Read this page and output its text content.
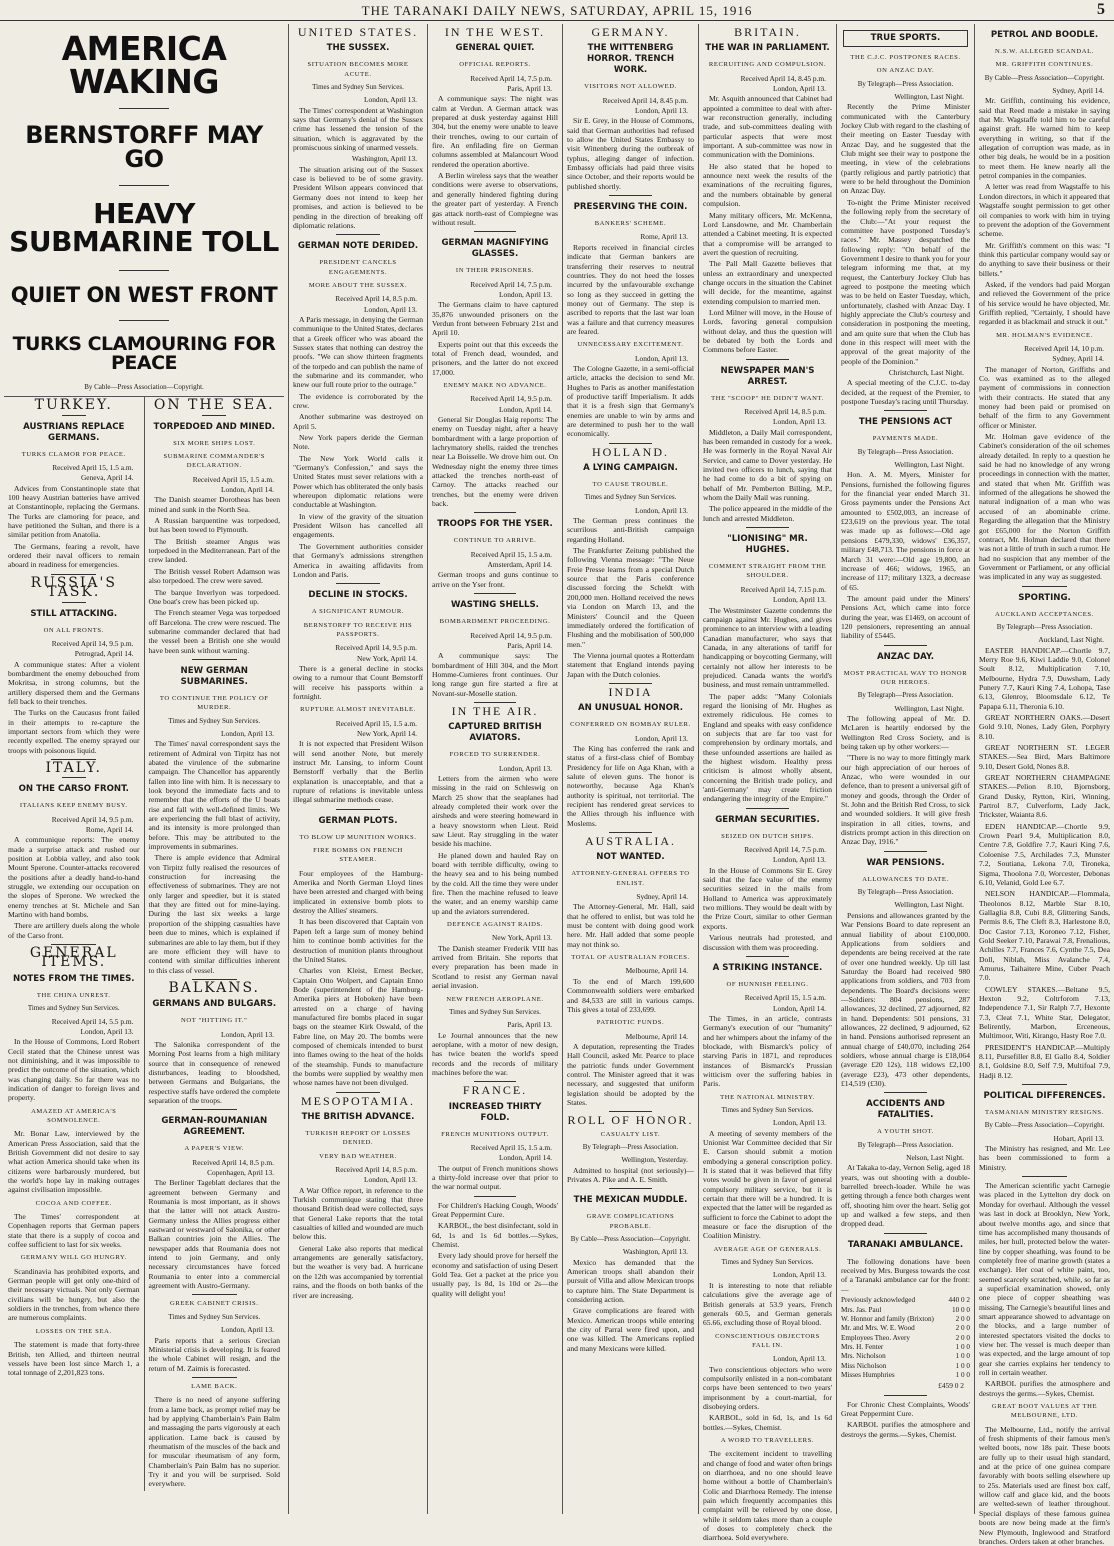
THE TARANAKI DAILY NEWS, SATURDAY, APRIL 15, 1916	5
AMERICA WAKING
BERNSTORFF MAY GO
HEAVY SUBMARINE TOLL
QUIET ON WEST FRONT
TURKS CLAMOURING FOR PEACE
By Cable—Press Association—Copyright.
TURKEY.
AUSTRIANS REPLACE GERMANS.
TURKS CLAMOR FOR PEACE.
Received April 15, 1.5 a.m.
Geneva, April 14.

Advices from Constantinople state that 100 heavy Austrian batteries have arrived at Constantinople, replacing the Germans. The Turks are clamoring for peace, and have petitioned the Sultan, and there is a similar petition from Anatolia.

The Germans, fearing a revolt, have ordered their naval officers to remain aboard in readiness for emergencies.

RUSSIA'S TASK.
STILL ATTACKING.
ON ALL FRONTS.
Received April 14, 9.5 p.m.
Petrograd, April 14.

A communique states: After a violent bombardment the enemy debouched from Mokritsa, in strong columns, but the artillery dispersed them and the Germans fell back to their trenches.

The Turks on the Caucasus front failed in their attempts to re-capture the important sectors from which they were recently expelled. The enemy sprayed our troops with poisonous liquid.

ITALY.
ON THE CARSO FRONT.
ITALIANS KEEP ENEMY BUSY.
Received April 14, 9.5 p.m.
Rome, April 14.

A communique reports: The enemy made a surprise attack and rushed our position at Lobbia valley, and also took Mount Sperone. Counter-attacks recovered the positions after a deadly hand-to-hand struggle, we extending our occupation on the slopes of Sperone. We wrecked the enemy trenches at St. Michele and San Martino with hand bombs.

There are artillery duels along the whole of the Carso front.

GENERAL ITEMS.
NOTES FROM THE TIMES.
THE CHINA UNREST.
Times and Sydney Sun Services.
Received April 14, 5.5 p.m.
London, April 13.

In the House of Commons, Lord Robert Cecil stated that the Chinese unrest was not diminishing, and it was impossible to predict the outcome of the situation, which was changing daily. So far there was no indication of danger to foreign lives and property.

AMAZED AT AMERICA'S SOMNOLENCE.

Mr. Bonar Law, interviewed by the American Press Association, said that the British Government did not desire to say what action America should take when its citizens were barbarously murdered, but the world's hope lay in making outrages against civilisation impossible.

COCOA AND COFFEE.

The Times' correspondent at Copenhagen reports that German papers state that there is a supply of cocoa and coffee sufficient to last for six weeks.

GERMANY WILL GO HUNGRY.

Scandinavia has prohibited exports, and German people will get only one-third of their necessary victuals. Not only German civilians will be hungry, but also the soldiers in the trenches, from whence there are numerous complaints.

LOSSES ON THE SEA.

The statement is made that forty-three British, ten Allied, and thirteen neutral vessels have been lost since March 1, a total tonnage of 2,201,823 tons.

ON THE SEA.
TORPEDOED AND MINED.
SIX MORE SHIPS LOST.
SUBMARINE COMMANDER'S DECLARATION.
Received April 15, 1.5 a.m.
London, April 14.

The Danish steamer Dorotheas has been mined and sunk in the North Sea.

A Russian barquentine was torpedoed, but has been towed to Plymouth.

The British steamer Angus was torpedoed in the Mediterranean. Part of the crew landed.

The British vessel Robert Adamson was also torpedoed. The crew were saved.

The barque Inverlyon was torpedoed. One boat's crew has been picked up.

The French steamer Vega was torpedoed off Barcelona. The crew were rescued. The submarine commander declared that had the vessel been a British one she would have been sunk without warning.

NEW GERMAN SUBMARINES.
TO CONTINUE THE POLICY OF MURDER.
Times and Sydney Sun Services.
London, April 13.

The Times' naval correspondent says the retirement of Admiral von Tirpitz has not abated the virulence of the submarine campaign. The Chancellor has apparently fallen into line with him. It is necessary to look beyond the immediate facts and to remember that the efforts of the U boats rise and fall with well-defined limits. We are experiencing the full blast of activity, and its intensity is more prolonged than before. This may be attributed to the improvements in submarines.

There is ample evidence that Admiral von Tirpitz fully realised the resources of construction for increasing the effectiveness of submarines. They are not only larger and speedier, but it is stated that they are fitted out for mine-laying. During the last six weeks a large proportion of the shipping casualties have been due to mines, which is explained if submarines are able to lay them, but if they are more efficient they will have to contend with similar difficulties inherent to this class of vessel.

BALKANS.
GERMANS AND BULGARS.
NOT "HITTING IT."
London, April 13.

The Salonika correspondent of the Morning Post learns from a high military source that in consequence of renewed disturbances, leading to bloodshed, between Germans and Bulgarians, the respective staffs have ordered the complete separation of the troops.

GERMAN-ROUMANIAN AGREEMENT.
A PAPER'S VIEW.
Received April 14, 8.5 p.m.
Copenhagen, April 13.

The Berliner Tageblatt declares that the agreement between Germany and Roumania is most important, as it shows that the latter will not attack Austro-Germany unless the Allies progress either eastward or westward of Salonika, or other Balkan countries join the Allies. The newspaper adds that Roumania does not intend to join Germany, and only necessary circumstances have forced Roumania to enter into a commercial agreement with Austro-Germany.

GREEK CABINET CRISIS.
Times and Sydney Sun Services.
London, April 13.

Paris reports that a serious Grecian Ministerial crisis is developing. It is feared the whole Cabinet will resign, and the return of M. Zaimis is forecasted.

LAME BACK.

There is no need of anyone suffering from a lame back, as prompt relief may be had by applying Chamberlain's Pain Balm and massaging the parts vigorously at each application. Lame back is caused by rheumatism of the muscles of the back and for muscular rheumatism of any form, Chamberlain's Pain Balm has no superior. Try it and you will be surprised. Sold everywhere.

UNITED STATES.
THE SUSSEX.
SITUATION BECOMES MORE ACUTE.
Times and Sydney Sun Services.
London, April 13.

The Times' correspondent at Washington says that Germany's denial of the Sussex crime has lessened the tension of the situation, which is aggravated by the promiscuous sinking of unarmed vessels.

Washington, April 13.

The situation arising out of the Sussex case is believed to be of some gravity. President Wilson appears convinced that Germany does not intend to keep her promises, and action is believed to be pending in the direction of breaking off diplomatic relations.

GERMAN NOTE DERIDED.
PRESIDENT CANCELS ENGAGEMENTS.
MORE ABOUT THE SUSSEX.
Received April 14, 8.5 p.m.
London, April 13.

A Paris message, in denying the German communique to the United States, declares that a Greek officer who was aboard the Sussex states that nothing can destroy the proofs. "We can show thirteen fragments of the torpedo and can publish the name of the submarine and its commander, who knew our full route prior to the outrage."

The evidence is corroborated by the crew.

Another submarine was destroyed on April 5.

New York papers deride the German Note.

The New York World calls it "Germany's Confession," and says the United States must sever relations with a Power which has obliterated the only basis whereupon diplomatic relations were conductable at Washington.

In view of the gravity of the situation President Wilson has cancelled all engagements.

The Government authorities consider that Germany's admissions strengthen America in awaiting affidavits from London and Paris.

DECLINE IN STOCKS.
A SIGNIFICANT RUMOUR.
BERNSTORFF TO RECEIVE HIS PASSPORTS.
Received April 14, 9.5 p.m.
New York, April 14.

There is a general decline in stocks owing to a rumour that Count Bernstorff will receive his passports within a fortnight.

RUPTURE ALMOST INEVITABLE.
Received April 15, 1.5 a.m.
New York, April 14.

It is not expected that President Wilson will send another Note, but merely instruct Mr. Lansing, to inform Count Bernstorff verbally that the Berlin explanation is unacceptable, and that a rupture of relations is inevitable unless illegal submarine methods cease.

GERMAN PLOTS.
TO BLOW UP MUNITION WORKS.
FIRE BOMBS ON FRENCH STEAMER.

Four employees of the Hamburg-Amerika and North German Lloyd lines have been arrested and charged with being implicated in extensive bomb plots to destroy the Allies' steamers.

It has been discovered that Captain von Papen left a large sum of money behind him to continue bomb activities for the destruction of munition plants throughout the United States.

Charles von Kleist, Ernest Becker, Captain Otto Wolpert, and Captain Enno Bode (superintendent of the Hamburg-Amerika piers at Hoboken) have been arrested on a charge of having manufactured fire bombs placed in sugar bags on the steamer Kirk Oswald, of the Fabre line, on May 20. The bombs were composed of chemicals intended to burst into flames owing to the heat of the holds of the steamship. Funds to manufacture the bombs were supplied by wealthy men whose names have not been divulged.

MESOPOTAMIA.
THE BRITISH ADVANCE.
TURKISH REPORT OF LOSSES DENIED.
VERY BAD WEATHER.
Received April 14, 8.5 p.m.
London, April 13.

A War Office report, in reference to the Turkish communique stating that three thousand British dead were collected, says that General Lake reports that the total casualties of killed and wounded are much below this.

General Lake also reports that medical arrangements are generally satisfactory, but the weather is very bad. A hurricane on the 12th was accompanied by torrential rains, and the floods on both banks of the river are increasing.

IN THE WEST.
GENERAL QUIET.
OFFICIAL REPORTS.
Received April 14, 7.5 p.m.
Paris, April 13.

A communique says: The night was calm at Verdun. A German attack was prepared at dusk yesterday against Hill 304, but the enemy were unable to leave their trenches, owing to our curtain of fire. An enfilading fire on German columns assembled at Malancourt Wood rendered the operation abortive.

A Berlin wireless says that the weather conditions were averse to observations, and generally hindered fighting during the greater part of yesterday. A French gas attack north-east of Compiegne was without result.

GERMAN MAGNIFYING GLASSES.
IN THEIR PRISONERS.
Received April 14, 7.5 p.m.
London, April 13.

The Germans claim to have captured 35,876 unwounded prisoners on the Verdun front between February 21st and April 10.

Experts point out that this exceeds the total of French dead, wounded, and prisoners, and the latter do not exceed 17,000.

ENEMY MAKE NO ADVANCE.
Received April 14, 9.5 p.m.
London, April 14.

General Sir Douglas Haig reports: The enemy on Tuesday night, after a heavy bombardment with a large proportion of lachrymatory shells, raided the trenches near La Boisselle. We drove him out. On Wednesday night the enemy three times attacked the trenches north-east of Carnoy. The attacks reached our trenches, but the enemy were driven back.

TROOPS FOR THE YSER.
CONTINUE TO ARRIVE.
Received April 15, 1.5 a.m.
Amsterdam, April 14.

German troops and guns continue to arrive on the Yser front.

WASTING SHELLS.
BOMBARDMENT PROCEEDING.
Received April 14, 9.5 p.m.
Paris, April 14.

A communique says: The bombardment of Hill 304, and the Mort Homme-Cumieres front continues. Our long range gun fire started a fire at Novant-sur-Moselle station.

IN THE AIR.
CAPTURED BRITISH AVIATORS.
FORCED TO SURRENDER.
London, April 13.

Letters from the airmen who were missing in the raid on Schleswig on March 25 show that the seaplanes had already completed their work over the airsheds and were steering homeward in a heavy snowstorm when Lieut. Reid saw Lieut. Ray struggling in the water beside his machine.

He planed down and hauled Ray on board with terrible difficulty, owing to the heavy sea and to his being numbed by the cold. All the time they were under fire. Then the machine refused to leave the water, and an enemy warship came up and the aviators surrendered.

DEFENCE AGAINST RAIDS.
New York, April 13.

The Danish steamer Frederik VIII has arrived from Britain. She reports that every preparation has been made in Scotland to resist any German naval aerial invasion.

NEW FRENCH AEROPLANE.
Times and Sydney Sun Services.
Paris, April 13.

Le Journal announces that the new aeroplane, with a motor of new design, has twice beaten the world's speed records and the records of military machines before the war.

FRANCE.
INCREASED THIRTY FOLD.
FRENCH MUNITIONS OUTPUT.
Received April 15, 1.5 a.m.
London, April 14.

The output of French munitions shows a thirty-fold increase over that prior to the war normal output.

For Children's Hacking Cough, Woods' Great Peppermint Cure.

KARBOL, the best disinfectant, sold in 6d, 1s and 1s 6d bottles.—Sykes, Chemist.

Every lady should prove for herself the economy and satisfaction of using Desert Gold Tea. Get a packet at the price you usually pay, 1s 8d, 1s 10d or 2s—the quality will delight you!

GERMANY.
THE WITTENBERG HORROR. TRENCH WORK.
VISITORS NOT ALLOWED.
Received April 14, 8.45 p.m.
London, April 13.

Sir E. Grey, in the House of Commons, said that German authorities had refused to allow the United States Embassy to visit Wittenberg during the outbreak of typhus, alleging danger of infection. Embassy officials had paid three visits since October, and their reports would be published shortly.

PRESERVING THE COIN.
BANKERS' SCHEME.
Rome, April 13.

Reports received in financial circles indicate that German bankers are transferring their reserves to neutral countries. They do not heed the losses incurred by the unfavourable exchange so long as they succeed in getting the money out of Germany. The step is ascribed to reports that the last war loan was a failure and that currency measures are feared.

UNNECESSARY EXCITEMENT.
London, April 13.

The Cologne Gazette, in a semi-official article, attacks the decision to send Mr. Hughes to Paris as another manifestation of productive tariff Imperialism. It adds that it is a fresh sign that Germany's enemies are unable to win by arms and are determined to push her to the wall economically.

HOLLAND.
A LYING CAMPAIGN.
TO CAUSE TROUBLE.
Times and Sydney Sun Services.
London, April 13.

The German press continues the scurrilous anti-British campaign regarding Holland.

The Frankfurter Zeitung published the following Vienna message: "The Neue Freie Presse learns from a special Dutch source that the Paris conference discussed forcing the Scheldt with 200,000 men. Holland received the news via London on March 13, and the Ministers' Council and the Queen immediately ordered the fortification of Flushing and the mobilisation of 500,000 men."

The Vienna journal quotes a Rotterdam statement that England intends paying Japan with the Dutch colonies.

INDIA
AN UNUSUAL HONOR.
CONFERRED ON BOMBAY RULER.
London, April 13.

The King has conferred the rank and status of a first-class chief of Bombay Presidency for life on Aga Khan, with a salute of eleven guns. The honor is noteworthy, because Aga Khan's authority is spiritual, not territorial. The recipient has rendered great services to the Allies through his influence with Moslems.

AUSTRALIA.
NOT WANTED.
ATTORNEY-GENERAL OFFERS TO ENLIST.
Sydney, April 14.

The Attorney-General, Mr. Hall, said that he offered to enlist, but was told he must be content with doing good work here. Mr. Hall added that some people may not think so.

TOTAL OF AUSTRALIAN FORCES.
Melbourne, April 14.

To the end of March 199,600 Commonwealth soldiers were embarked and 84,533 are still in various camps. This gives a total of 233,699.

PATRIOTIC FUNDS.
Melbourne, April 14.

A deputation, representing the Trades Hall Council, asked Mr. Pearce to place the patriotic funds under Government control. The Minister agreed that it was necessary, and suggested that uniform legislation should be adopted by the States.

ROLL OF HONOR.
CASUALTY LIST.
By Telegraph—Press Association.
Wellington, Yesterday.

Admitted to hospital (not seriously)—Privates A. Pike and A. E. Smith.

THE MEXICAN MUDDLE.
GRAVE COMPLICATIONS PROBABLE.
By Cable—Press Association—Copyright.
Washington, April 13.

Mexico has demanded that the American troops shall abandon their pursuit of Villa and allow Mexican troops to capture him. The State Department is considering action.

Grave complications are feared with Mexico. American troops while entering the city of Parral were fired upon, and one was killed. The Americans replied and many Mexicans were killed.

BRITAIN.
THE WAR IN PARLIAMENT.
RECRUITING AND COMPULSION.
Received April 14, 8.45 p.m.
London, April 13.

Mr. Asquith announced that Cabinet had appointed a committee to deal with after-war reconstruction generally, including trade, and sub-committees dealing with particular aspects that were most important. A sub-committee was now in communication with the Dominions.

He also stated that he hoped to announce next week the results of the examinations of the recruiting figures, and the numbers obtainable by general compulsion.

Many military officers, Mr. McKenna, Lord Lansdowne, and Mr. Chamberlain attended a Cabinet meeting. It is expected that a compromise will be arranged to avert the question of recruiting.

The Pall Mall Gazette believes that unless an extraordinary and unexpected change occurs in the situation the Cabinet will decide, for the meantime, against extending compulsion to married men.

Lord Milner will move, in the House of Lords, favoring general compulsion without delay, and thus the question will be debated by both the Lords and Commons before Easter.

NEWSPAPER MAN'S ARREST.
THE "SCOOP" HE DIDN'T WANT.
Received April 14, 8.5 p.m.
London, April 13.

Middleton, a Daily Mail correspondent, has been remanded in custody for a week. He was formerly in the Royal Naval Air Service, and came to Dover yesterday. He invited two officers to lunch, saying that he had come to do a bit of spying on behalf of Mr. Pemberton Billing, M.P., whom the Daily Mail was running.

The police appeared in the middle of the lunch and arrested Middleton.

"LIONISING" MR. HUGHES.
COMMENT STRAIGHT FROM THE SHOULDER.
Received April 14, 7.15 p.m.
London, April 13.

The Westminster Gazette condemns the campaign against Mr. Hughes, and gives prominence to an interview with a leading Canadian manufacturer, who says that Canada, in any alterations of tariff for handicapping or boycotting Germany, will certainly not allow her interests to be prejudiced. Canada wants the world's business, and must remain untrammelled.

The paper adds: "Many Colonials regard the lionising of Mr. Hughes as extremely ridiculous. He comes to England and speaks with easy confidence on subjects that are far too vast for comprehension by ordinary mortals, and these unfounded assertions are hailed as the highest wisdom. Healthy press criticism is almost wholly absent, concerning the British trade policy, and 'anti-Germany' may create friction endangering the integrity of the Empire."

GERMAN SECURITIES.
SEIZED ON DUTCH SHIPS.
Received April 14, 7.5 p.m.
London, April 13.

In the House of Commons Sir E. Grey said that the face value of the enemy securities seized in the mails from Holland to America was approximately two millions. They would be dealt with by the Prize Court, similar to other German exports.

Various neutrals had protested, and discussion with them was proceeding.

A STRIKING INSTANCE.
OF HUNNISH FEELING.
Received April 15, 1.5 a.m.
London, April 14.

The Times, in an article, contrasts Germany's execution of our "humanity" and her whimpers about the infamy of the blockade, with Bismarck's policy of starving Paris in 1871, and reproduces instances of Bismarck's Prussian witticism over the suffering babies in Paris.

THE NATIONAL MINISTRY.
Times and Sydney Sun Services.
London, April 13.

A meeting of seventy members of the Unionist War Committee decided that Sir E. Carson should submit a motion embodying a general conscription policy. It is stated that it was believed that fifty votes would be given in favor of general compulsory military service, but it is certain that there will be a hundred. It is expected that the latter will be regarded as sufficient to force the Cabinet to adopt the measure or face the disruption of the Coalition Ministry.

AVERAGE AGE OF GENERALS.
Times and Sydney Sun Services.
London, April 13.

It is interesting to note that reliable calculations give the average age of British generals at 53.9 years, French generals 60.5, and German generals 65.66, excluding those of Royal blood.

CONSCIENTIOUS OBJECTORS FALL IN.
London, April 13.

Two conscientious objectors who were compulsorily enlisted in a non-combatant corps have been sentenced to two years' imprisonment by a court-martial, for disobeying orders.

KARBOL, sold in 6d, 1s, and 1s 6d bottles.—Sykes, Chemist.

A WORD TO TRAVELLERS.

The excitement incident to travelling and change of food and water often brings on diarrhoea, and no one should leave home without a bottle of Chamberlain's Colic and Diarrhoea Remedy. The intense pain which frequently accompanies this complaint will be relieved by one dose, while it seldom takes more than a couple of doses to completely check the diarrhoea. Sold everywhere.

TRUE SPORTS.
THE C.J.C. POSTPONES RACES.
ON ANZAC DAY.
By Telegraph—Press Association.
Wellington, Last Night.

Recently the Prime Minister communicated with the Canterbury Jockey Club with regard to the clashing of their meeting on Easter Tuesday with Anzac Day, and he suggested that the Club might see their way to postpone the meeting, in view of the celebrations (partly religious and partly patriotic) that were to be held throughout the Dominion on Anzac Day.

To-night the Prime Minister received the following reply from the secretary of the Club:—"At your request the committee have postponed Tuesday's races." Mr. Massey despatched the following reply: "On behalf of the Government I desire to thank you for your telegram informing me that, at my request, the Canterbury Jockey Club has agreed to postpone the meeting which was to be held on Easter Tuesday, which, unfortunately, clashed with Anzac Day. I highly appreciate the Club's courtesy and consideration in postponing the meeting, and am quite sure that when the Club has done in this respect will meet with the approval of the great majority of the people of the Dominion."

Christchurch, Last Night.

A special meeting of the C.J.C. to-day decided, at the request of the Premier, to postpone Tuesday's racing until Thursday.

THE PENSIONS ACT
PAYMENTS MADE.
By Telegraph—Press Association.
Wellington, Last Night.

Hon. A. M. Myers, Minister for Pensions, furnished the following figures for the financial year ended March 31. Gross payments under the Pensions Act amounted to £502,003, an increase of £23,619 on the previous year. The total was made up as follows:—Old age pensions £479,330, widows' £36,357, military £48,713. The pensions in force at March 31 were:—Old age 19,800, an increase of 466; widows, 1965, an increase of 117; military 1323, a decrease of 65.

The amount paid under the Miners' Pensions Act, which came into force during the year, was £1469, on account of 120 pensioners, representing an annual liability of £5445.

ANZAC DAY.
MOST PRACTICAL WAY TO HONOR OUR HEROES.
By Telegraph—Press Association.
Wellington, Last Night.

The following appeal of Mr. D. McLaren is heartily endorsed by the Wellington Red Cross Society, and is being taken up by other workers:—

"There is no way to more fittingly mark our high appreciation of our heroes of Anzac, who were wounded in our defence, than to present a universal gift of money and goods, through the Order of St. John and the British Red Cross, to sick and wounded soldiers. It will give fresh inspiration in all cities, towns, and districts prompt action in this direction on Anzac Day, 1916."

WAR PENSIONS.
ALLOWANCES TO DATE.
By Telegraph—Press Association.
Wellington, Last Night.

Pensions and allowances granted by the War Pensions Board to date represent an annual liability of about £100,000. Applications from soldiers and dependents are being received at the rate of over one hundred weekly. Up till last Saturday the Board had received 980 applications from soldiers, and 703 from dependents. The Board's decisions were:—Soldiers: 804 pensions, 287 allowances, 32 declined, 27 adjourned, 82 in hand. Dependents: 501 pensions, 31 allowances, 22 declined, 9 adjourned, 62 in hand. Pensions authorised represent an annual charge of £40,070, including 264 soldiers, whose annual charge is £18,064 (average £20 12s), 118 widows £2,100 (average £23), 473 other dependents, £14,519 (£30).

ACCIDENTS AND FATALITIES.
A YOUTH SHOT.
By Telegraph—Press Association.
Nelson, Last Night.

At Takaka to-day, Vernon Selig, aged 18 years, was out shooting with a double-barrelled breech-loader. While he was getting through a fence both charges went off, shooting him over the heart. Selig got up and walked a few steps, and then dropped dead.

TARANAKI AMBULANCE.

The following donations have been received by Mrs. Burgess towards the cost of a Taranaki ambulance car for the front:—

Previously acknowledged	440 0 2
Mrs. Jas. Paul	10 0 0
W. Honnor and family (Brixton)	2 0 0
Mr. and Mrs. W. E. Wood	2 0 0
Employees Theo. Avery	2 0 0
Mrs. H. Fenter	1 0 0
Mrs. Nicholson	1 0 0
Miss Nicholson	1 0 0
Misses Humphries	1 0 0
£459 0 2

For Chronic Chest Complaints, Woods' Great Peppermint Cure.

KARBOL purifies the atmosphere and destroys the germs.—Sykes, Chemist.

PETROL AND BOODLE.
N.S.W. ALLEGED SCANDAL.
MR. GRIFFITH CONTINUES.
By Cable—Press Association—Copyright.
Sydney, April 14.

Mr. Griffith, continuing his evidence, said that Reed made a mistake in saying that Mr. Wagstaffe told him to be careful against graft. He warned him to keep everything in writing, so that if the allegation of corruption was made, as in other big deals, he would be in a position to meet them. He knew nearly all the petrol companies in the companies.

A letter was read from Wagstaffe to his London directors, in which it appeared that Wagstaffe sought permission to get other oil companies to work with him in trying to prevent the adoption of the Government scheme.

Mr. Griffith's comment on this was: "I think this particular company would say or do anything to save their business or their billets."

Asked, if the vendors had paid Morgan and relieved the Government of the price of his service would he have objected, Mr. Griffith replied, "Certainly, I should have regarded it as blackmail and struck it out."

MR. HOLMAN'S EVIDENCE.
Received April 14, 10 p.m.
Sydney, April 14.

The manager of Norton, Griffiths and Co. was examined as to the alleged payment of commissions in connection with their contracts. He stated that any money had been paid or promised on behalf of the firm to any Government officer or Minister.

Mr. Holman gave evidence of the Cabinet's consideration of the oil schemes already detailed. In reply to a question he said he had no knowledge of any wrong proceedings in connection with the matter, and stated that when Mr. Griffith was informed of the allegations he showed the natural indignation of a man who was accused of an abominable crime. Regarding the allegation that the Ministry got £65,000 for the Norton Griffith contract, Mr. Holman declared that there was not a little of truth in such a rumor. He had no suspicion that any member of the Government or Parliament, or any official was implicated in any way as suggested.

SPORTING.
AUCKLAND ACCEPTANCES.
By Telegraph—Press Association.
Auckland, Last Night.

EASTER HANDICAP.—Chortle 9.7, Merry Roe 9.6, Kiwi Laddie 9.0, Colonel Soult 8.12, Multiplication 7.10, Melbourne, Hydra 7.9, Duwsham, Lady Punery 7.7, Kauri King 7.4, Lohopa, Tase 6.13, Glenroy, Bloomsdale 6.12, Te Papapa 6.11, Theronia 6.10.

GREAT NORTHERN OAKS.—Desert Gold 9.10, Nones, Lady Glen, Porphyry 8.10.

GREAT NORTHERN ST. LEGER STAKES.—Sea Bird, Mars Baltimore 9.10, Desert Gold, Nones 8.8.

GREAT NORTHERN CHAMPAGNE STAKES.—Pelion 8.10, Bjornsborg, Grand Dusky, Rytton, Kiri, Winning, Partrol 8.7, Culverform, Lady Jack, Trickster, Waianta 8.6.

EDEN HANDICAP.—Chortle 9.9, Crown Pearl 9.4, Multiplication 8.0, Centre 7.8, Goldfire 7.7, Kauri King 7.6, Coloenise 7.5, Archilades 7.3, Munster 7.2, Soutiana, Lekona 7.0, Tironeka, Sigma, Thoolona 7.0, Worcester, Debonas 6.10, Velanid, Gold Lee 6.7.

NELSON HANDICAP.—Flommala, Theolonos 8.12, Marble Star 8.10, Gallaglia 8.8, Cubi 8.8, Glittering Sands, Permis 8.6, The Cleft 8.3, Harlestone 8.0, Doc Castor 7.13, Koroneo 7.12, Fisher, Gold Seeker 7.10, Parawai 7.8, Frenalious, Achilles 7.7, Frances 7.6, Cynthe 7.5, Dea Doll, Niblah, Miss Avalanche 7.4, Amurus, Taihaitere Mine, Cuber Peach 7.0.

COWLEY STAKES.—Beltane 9.5, Hexton 9.2, Coltrforom 7.13, Independence 7.1, Sir Ralph 7.7, Hexonte 7.3, Cleat 7.1, White Star, Delegator, Belirently, Marbon, Erceneous, Multimoor, Witi, Kirango, Hasty Roe 7.0.

PRESIDENT'S HANDICAP.—Multiply 8.11, Pursefiller 8.8, El Gallo 8.4, Soldier 8.1, Goldsine 8.0, Self 7.9, Multifoal 7.9, Hadji 8.12.

POLITICAL DIFFERENCES.
TASMANIAN MINISTRY RESIGNS.
By Cable—Press Association—Copyright.
Hobart, April 13.

The Ministry has resigned, and Mr. Lee has been commissioned to form a Ministry.

The American scientific yacht Carnegie was placed in the Lyttelton dry dock on Monday for overhaul. Although the vessel was last in dock at Brooklyn, New York, about twelve months ago, and since that time has accomplished many thousands of miles, her hull, protected below the water-line by copper sheathing, was found to be completely free of marine growth (states a exchange). Her coat of white paint, too, seemed scarcely scratched, while, so far as a superficial examination showed, only one piece of copper sheathing was missing. The Carnegie's beautiful lines and smart appearance showed to advantage on the blocks, and a large number of interested spectators visited the docks to view her. The vessel is much deeper than was expected, and the large amount of top gear she carries explains her tendency to roll in certain weather.

KARBOL purifies the atmosphere and destroys the germs.—Sykes, Chemist.

GREAT BOOT VALUES AT THE MELBOURNE, LTD.

The Melbourne, Ltd., notify the arrival of fresh shipments of their famous men's welted boots, now 18s pair. These boots are fully up to their usual high standard, and at the price of one guinea compare favorably with boots selling elsewhere up to 25s. Materials used are finest box calf, willow calf and glace kid, and the boots are welted-sewn of leather throughout. Special displays of these famous guinea boots are now being made at the firm's New Plymouth, Inglewood and Stratford branches. Orders taken at other branches.
